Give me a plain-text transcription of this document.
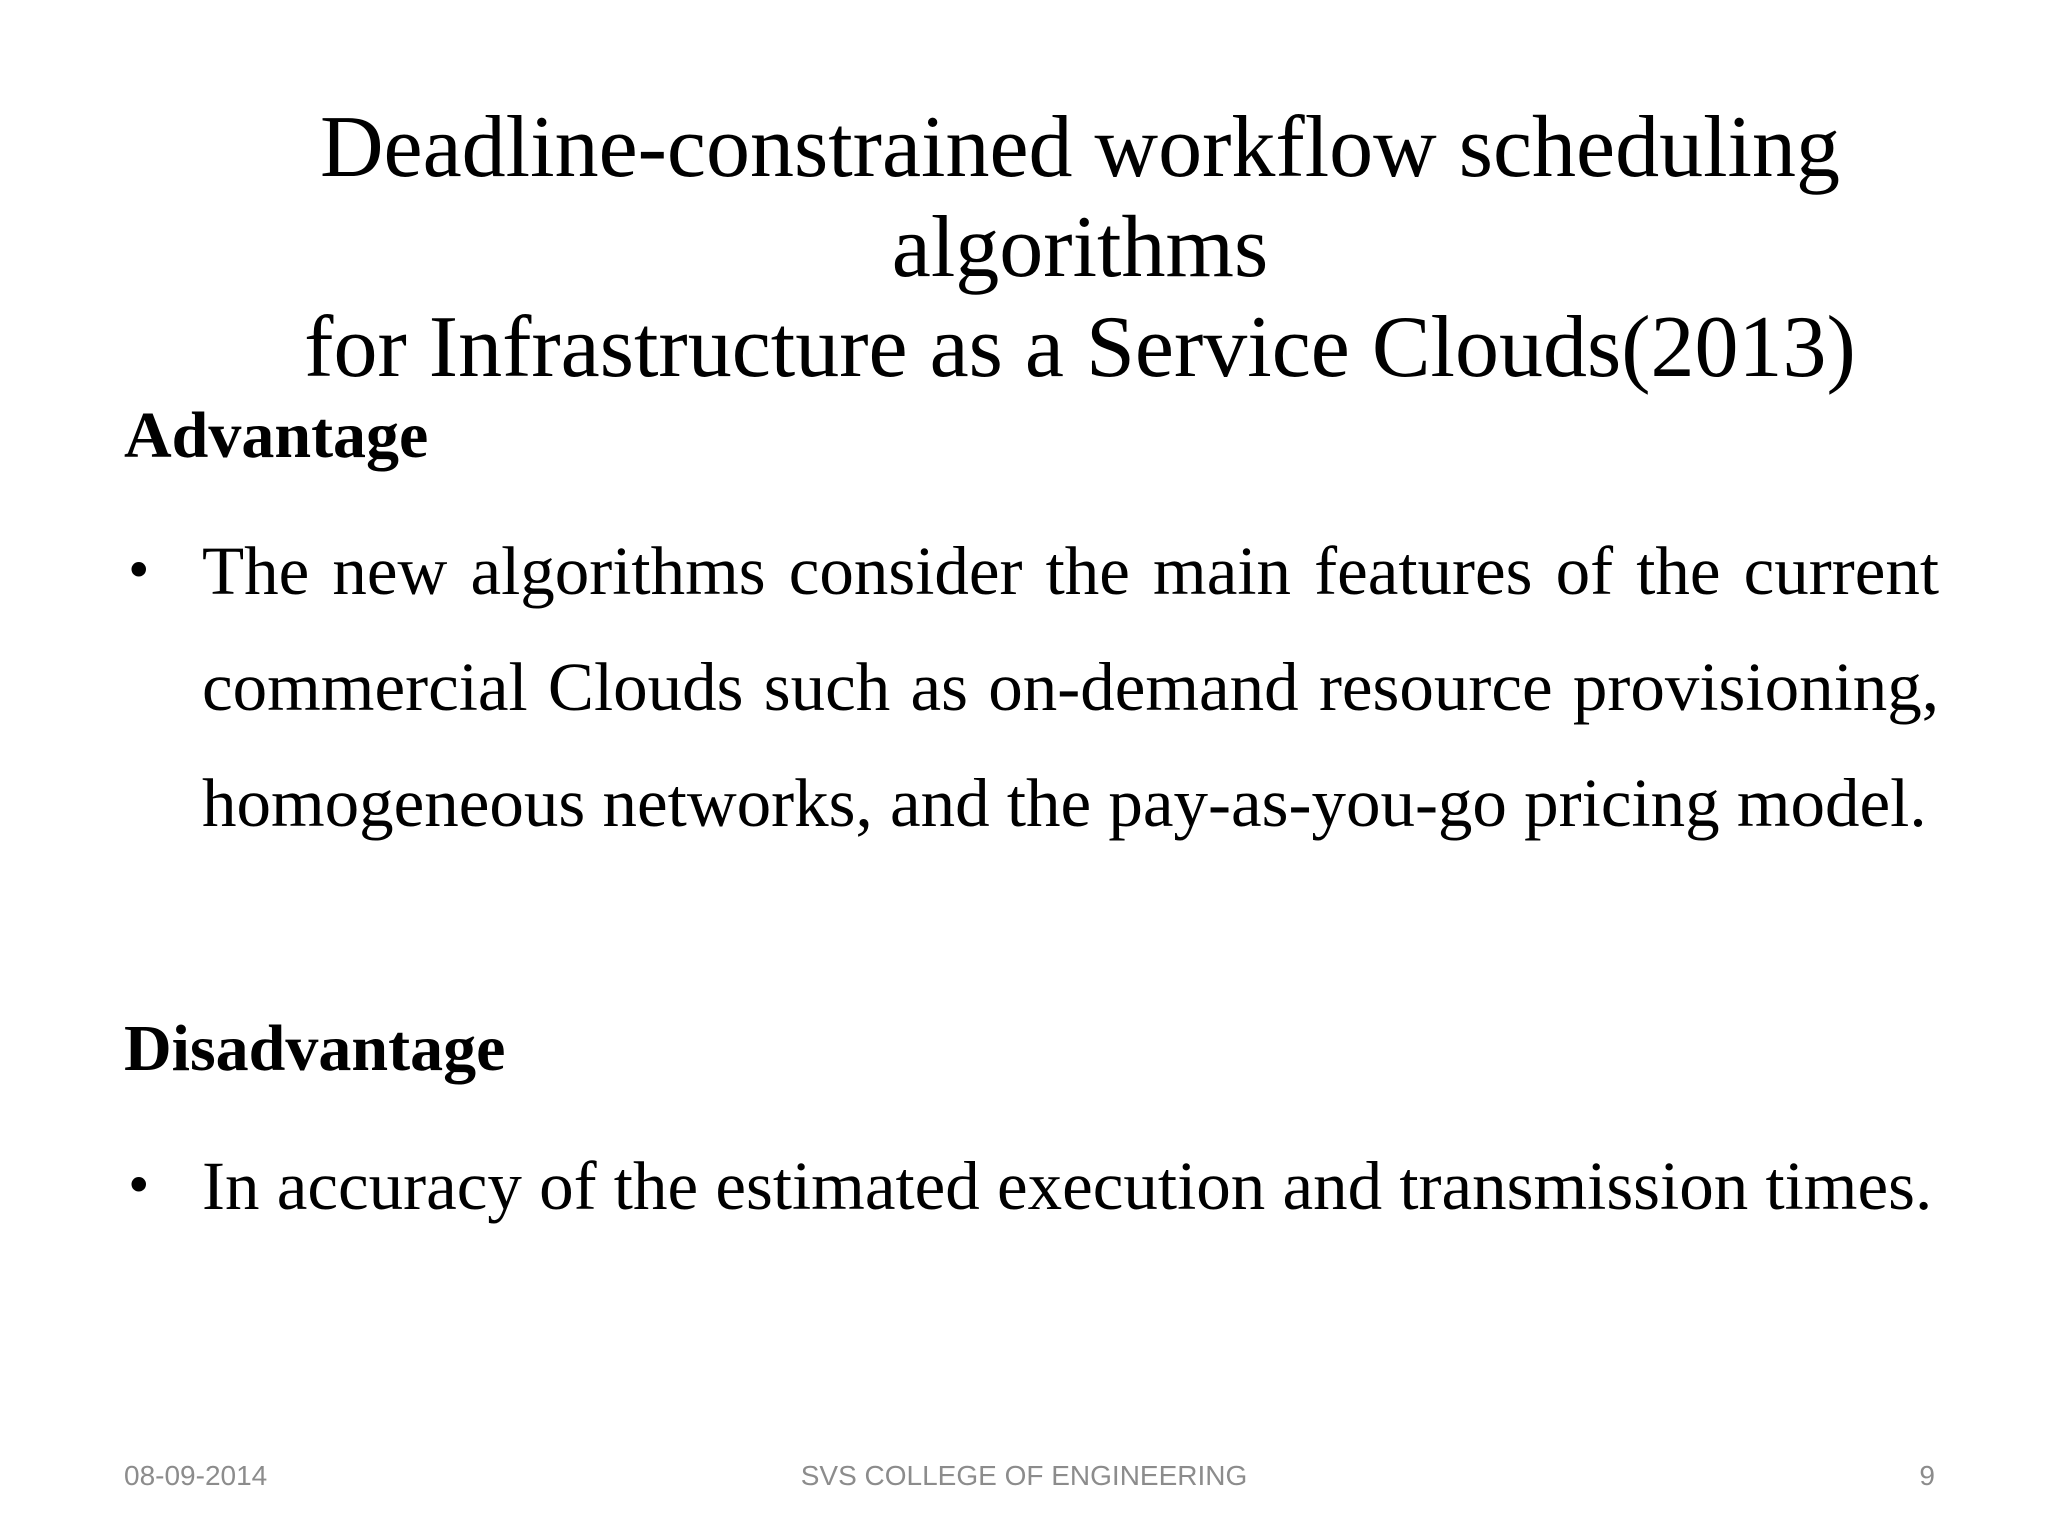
Deadline-constrained workflow scheduling algorithms
for Infrastructure as a Service Clouds(2013)
Advantage
• The new algorithms consider the main features of the current commercial Clouds such as on-demand resource provisioning, homogeneous networks, and the pay-as-you-go pricing model.
Disadvantage
• In accuracy of the estimated execution and transmission times.
08-09-2014	SVS COLLEGE OF ENGINEERING	9
